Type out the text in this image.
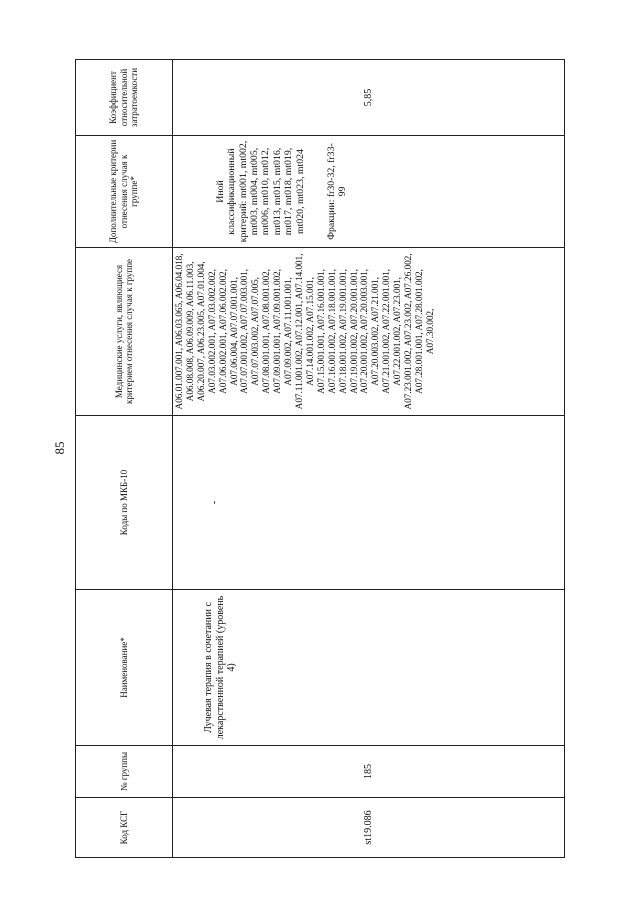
85
Код КСГ	№ группы	Наименование*	Коды по МКБ-10	Медицинские услуги, являющиеся критерием отнесения случая к группе	Дополнительные критерии отнесения случая к группе*	Коэффициент относительной затратоемкости
st19.086	185	Лучевая терапия в сочетании с лекарственной терапией (уровень 4)	-	A06.01.007.001, A06.03.065, A06.04.018, A06.08.008, A06.09.009, A06.11.003, A06.20.007, A06.23.005, A07.01.004, A07.03.002.001, A07.03.002.002, A07.06.002.001, A07.06.002.002, A07.06.004, A07.07.001.001, A07.07.001.002, A07.07.003.001, A07.07.003.002, A07.07.005, A07.08.001.001, A07.08.001.002, A07.09.001.001, A07.09.001.002, A07.09.002, A07.11.001.001, A07.11.001.002, A07.12.001, A07.14.001, A07.14.001.002, A07.15.001, A07.15.001.001, A07.16.001.001, A07.16.001.002, A07.18.001.001, A07.18.001.002, A07.19.001.001, A07.19.001.002, A07.20.001.001, A07.20.001.002, A07.20.003.001, A07.20.003.002, A07.21.001, A07.21.001.002, A07.22.001.001, A07.22.001.002, A07.23.001, A07.23.001.002, A07.23.002, A07.26.002, A07.28.001.001, A07.28.001.002, A07.30.002,	Иной классификационный критерий: mt001, mt002, mt003, mt004, mt005, mt006, mt010, mt012, mt013, mt015, mt016, mt017, mt018, mt019, mt020, mt023, mt024 Фракции: fr30-32, fr33-99	5,85
